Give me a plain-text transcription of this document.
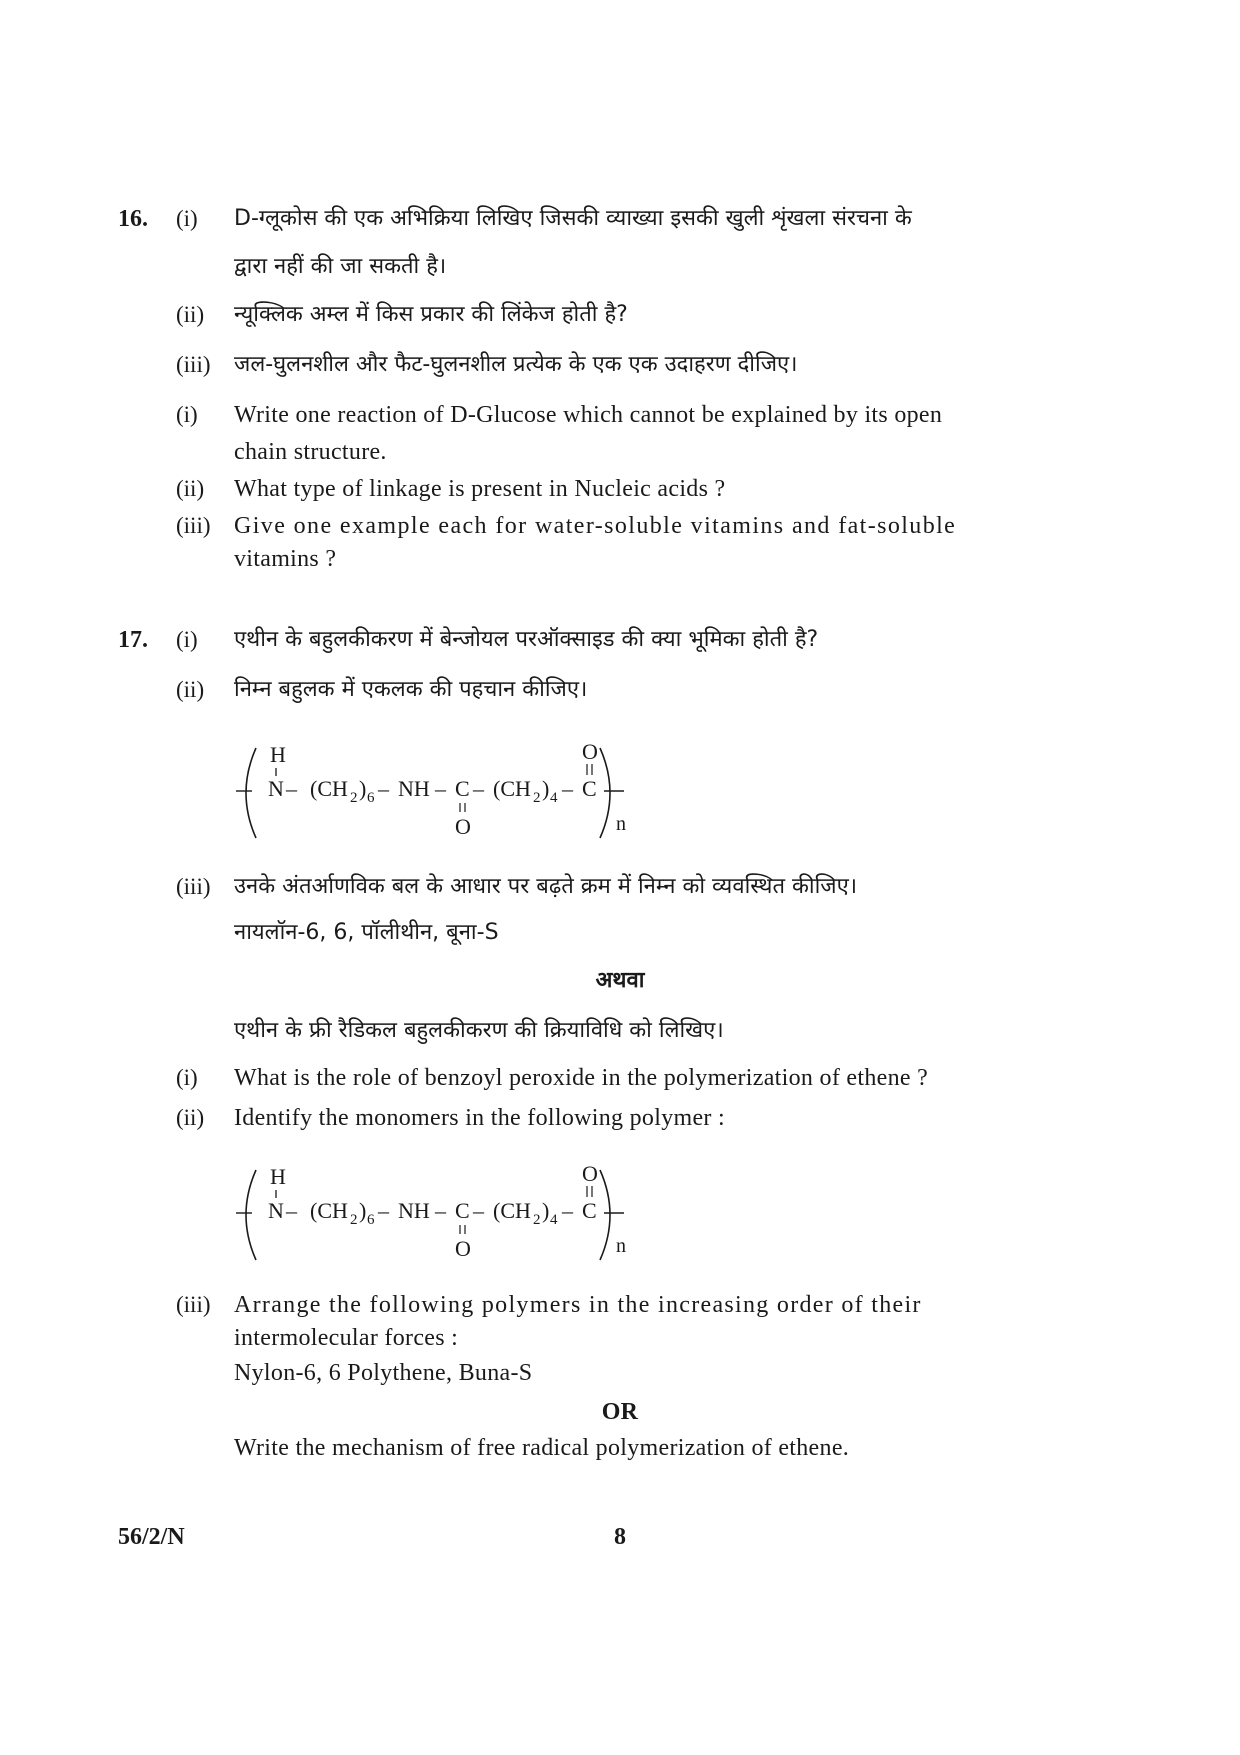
16. (i) D-ग्लूकोस की एक अभिक्रिया लिखिए जिसकी व्याख्या इसकी खुली शृंखला संरचना के
द्वारा नहीं की जा सकती है।
(ii) न्यूक्लिक अम्ल में किस प्रकार की लिंकेज होती है?
(iii) जल-घुलनशील और फैट-घुलनशील प्रत्येक के एक एक उदाहरण दीजिए।
(i) Write one reaction of D-Glucose which cannot be explained by its open
chain structure.
(ii) What type of linkage is present in Nucleic acids ?
(iii) Give one example each for water-soluble vitamins and fat-soluble
vitamins ?
17. (i) एथीन के बहुलकीकरण में बेन्जोयल परऑक्साइड की क्या भूमिका होती है?
(ii) निम्न बहुलक में एकलक की पहचान कीजिए।
H
N – (CH 2 ) 6 – NH – C
O
– (CH 2 ) 4 – C
O
n
(iii) उनके अंतर्आणविक बल के आधार पर बढ़ते क्रम में निम्न को व्यवस्थित कीजिए।
नायलॉन-6, 6, पॉलीथीन, बूना-S
अथवा
एथीन के फ्री रैडिकल बहुलकीकरण की क्रियाविधि को लिखिए।
(i) What is the role of benzoyl peroxide in the polymerization of ethene ?
(ii) Identify the monomers in the following polymer :
H
N – (CH 2 ) 6 – NH – C
O
– (CH 2 ) 4 – C
O
n
(iii) Arrange the following polymers in the increasing order of their
intermolecular forces :
Nylon-6, 6 Polythene, Buna-S
OR
Write the mechanism of free radical polymerization of ethene.
56/2/N	8
